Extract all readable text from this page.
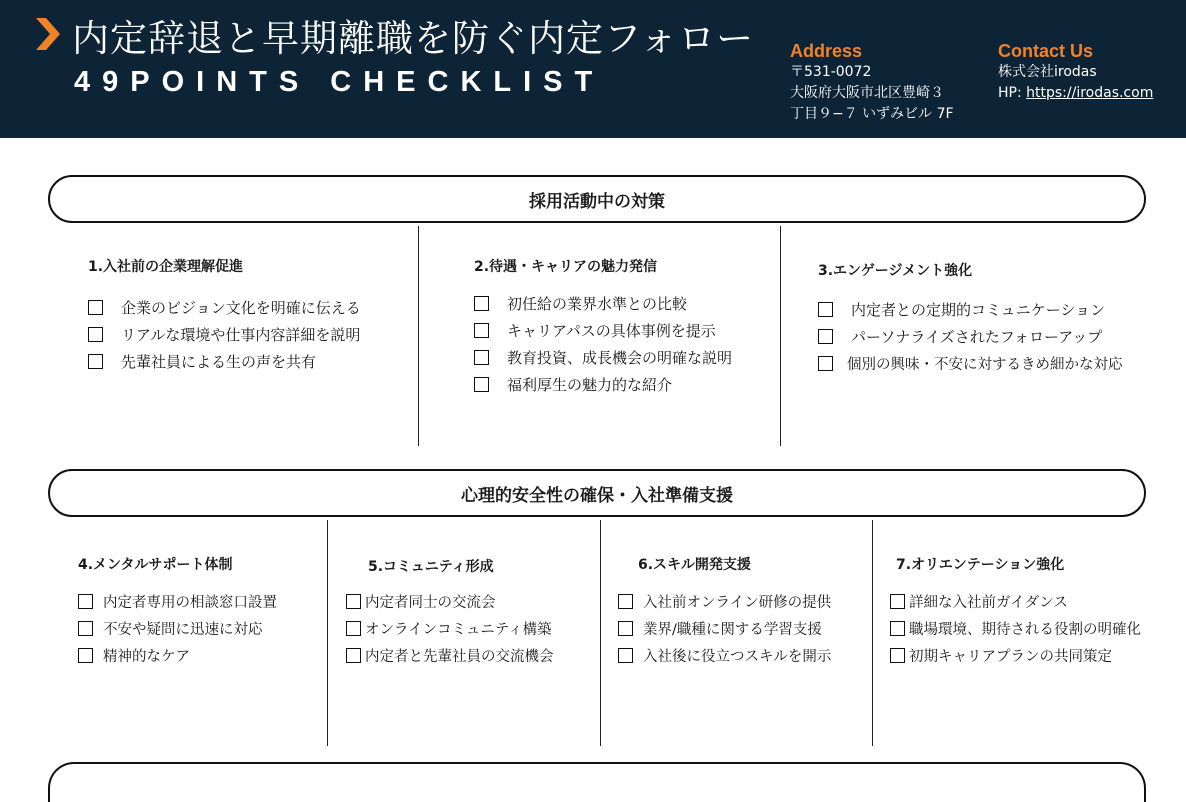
内定辞退と早期離職を防ぐ内定フォロー
49POINTS CHECKLIST
Address
〒531-0072
大阪府大阪市北区豊崎３
丁目９−７ いずみビル 7F
Contact Us
株式会社irodas
HP: https://irodas.com
採用活動中の対策
1.入社前の企業理解促進
企業のビジョン文化を明確に伝える
リアルな環境や仕事内容詳細を説明
先輩社員による生の声を共有
2.待遇・キャリアの魅力発信
初任給の業界水準との比較
キャリアパスの具体事例を提示
教育投資、成長機会の明確な説明
福利厚生の魅力的な紹介
3.エンゲージメント強化
内定者との定期的コミュニケーション
パーソナライズされたフォローアップ
個別の興味・不安に対するきめ細かな対応
心理的安全性の確保・入社準備支援
4.メンタルサポート体制
内定者専用の相談窓口設置
不安や疑問に迅速に対応
精神的なケア
5.コミュニティ形成
内定者同士の交流会
オンラインコミュニティ構築
内定者と先輩社員の交流機会
6.スキル開発支援
入社前オンライン研修の提供
業界/職種に関する学習支援
入社後に役立つスキルを開示
7.オリエンテーション強化
詳細な入社前ガイダンス
職場環境、期待される役割の明確化
初期キャリアプランの共同策定
